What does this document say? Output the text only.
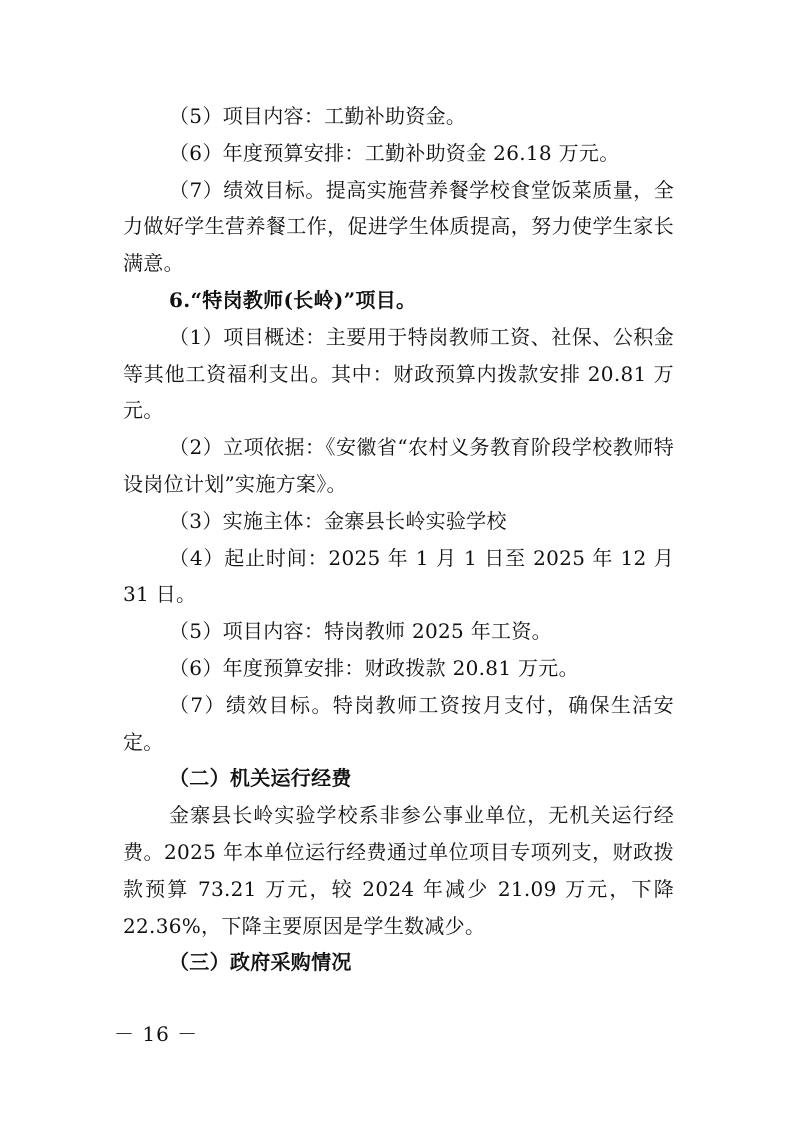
（5）项目内容：工勤补助资金。

（6）年度预算安排：工勤补助资金 26.18 万元。

（7）绩效目标。提高实施营养餐学校食堂饭菜质量，全力做好学生营养餐工作，促进学生体质提高，努力使学生家长满意。

6.“特岗教师(长岭)”项目。

（1）项目概述：主要用于特岗教师工资、社保、公积金等其他工资福利支出。其中：财政预算内拨款安排 20.81 万元。

（2）立项依据：《安徽省“农村义务教育阶段学校教师特设岗位计划”实施方案》。

（3）实施主体：金寨县长岭实验学校

（4）起止时间：2025 年 1 月 1 日至 2025 年 12 月 31 日。

（5）项目内容：特岗教师 2025 年工资。

（6）年度预算安排：财政拨款 20.81 万元。

（7）绩效目标。特岗教师工资按月支付，确保生活安定。

（二）机关运行经费

金寨县长岭实验学校系非参公事业单位，无机关运行经费。2025 年本单位运行经费通过单位项目专项列支，财政拨款预算 73.21 万元，较 2024 年减少 21.09 万元，下降 22.36%，下降主要原因是学生数减少。

（三）政府采购情况

－ 16 －
